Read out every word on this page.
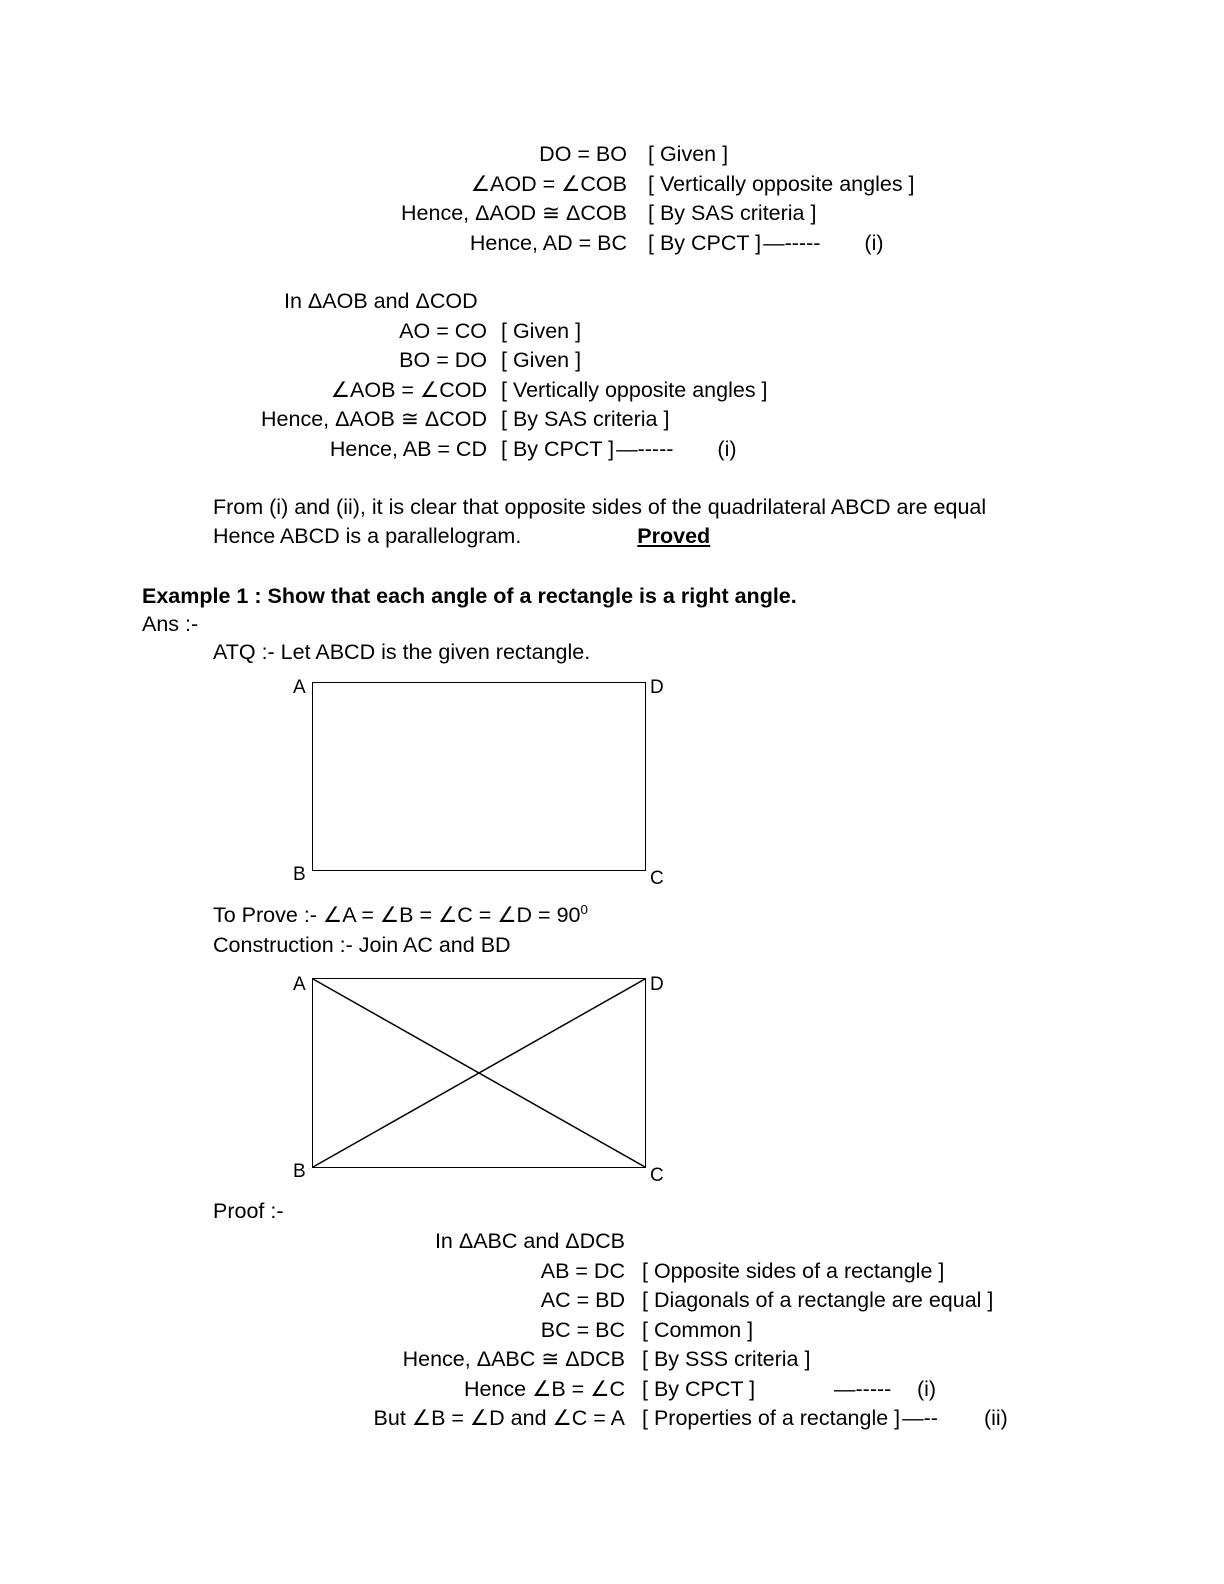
DO = BO [ Given ]
∠AOD = ∠COB [ Vertically opposite angles ]
Hence, ΔAOD ≅ ΔCOB [ By SAS criteria ]
Hence, AD = BC [ By CPCT ]—----- (i)
In ΔAOB and ΔCOD
AO = CO [ Given ]
BO = DO [ Given ]
∠AOB = ∠COD [ Vertically opposite angles ]
Hence, ΔAOB ≅ ΔCOD [ By SAS criteria ]
Hence, AB = CD [ By CPCT ]—----- (i)
From (i) and (ii), it is clear that opposite sides of the quadrilateral ABCD are equal
Hence ABCD is a parallelogram.	Proved
Example 1 : Show that each angle of a rectangle is a right angle.
Ans :-
ATQ :- Let ABCD is the given rectangle.
A	D
B	C
To Prove :- ∠A = ∠B = ∠C = ∠D = $90^0$
Construction :- Join AC and BD
A	D
B	C
Proof :-
In ΔABC and ΔDCB
AB = DC [ Opposite sides of a rectangle ]
AC = BD [ Diagonals of a rectangle are equal ]
BC = BC [ Common ]
Hence, ΔABC ≅ ΔDCB [ By SSS criteria ]
Hence ∠B = ∠C [ By CPCT ]	—-----	(i)
But ∠B = ∠D and ∠C = A [ Properties of a rectangle ]—--	(ii)
